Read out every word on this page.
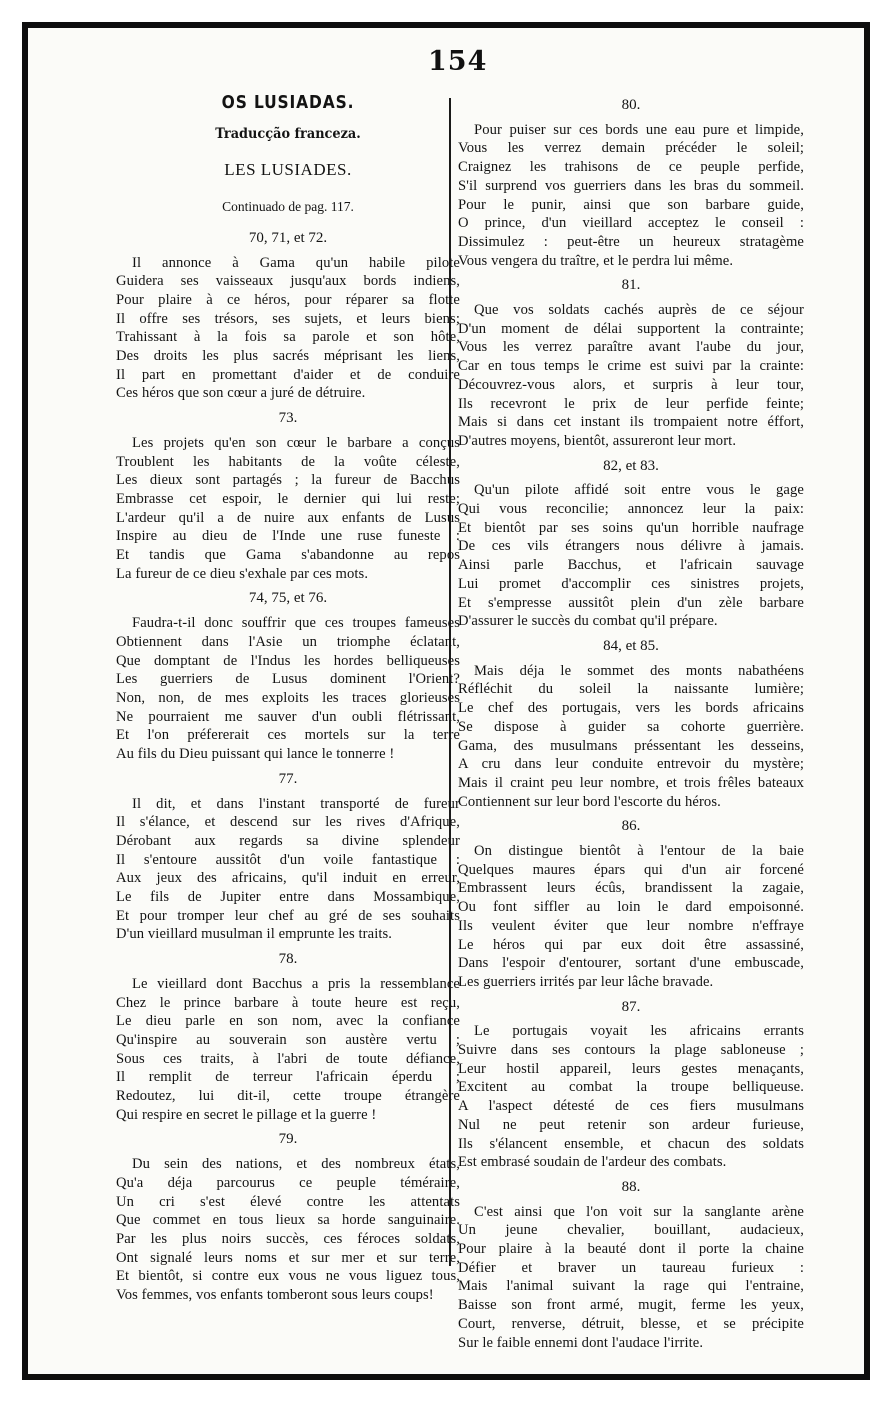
154
OS LUSIADAS.
Traducção franceza.
LES LUSIADES.
Continuado de pag. 117.
70, 71, et 72.
Il annonce à Gama qu'un habile pilote
Guidera ses vaisseaux jusqu'aux bords indiens,
Pour plaire à ce héros, pour réparer sa flotte
Il offre ses trésors, ses sujets, et leurs biens;
Trahissant à la fois sa parole et son hôte,
Des droits les plus sacrés méprisant les liens,
Il part en promettant d'aider et de conduire
Ces héros que son cœur a juré de détruire.
73.
Les projets qu'en son cœur le barbare a conçus
Troublent les habitants de la voûte céleste,
Les dieux sont partagés ; la fureur de Bacchus
Embrasse cet espoir, le dernier qui lui reste;
L'ardeur qu'il a de nuire aux enfants de Lusus
Inspire au dieu de l'Inde une ruse funeste :
Et tandis que Gama s'abandonne au repos
La fureur de ce dieu s'exhale par ces mots.
74, 75, et 76.
Faudra-t-il donc souffrir que ces troupes fameuses
Obtiennent dans l'Asie un triomphe éclatant,
Que domptant de l'Indus les hordes belliqueuses
Les guerriers de Lusus dominent l'Orient?
Non, non, de mes exploits les traces glorieuses
Ne pourraient me sauver d'un oubli flétrissant,
Et l'on préfererait ces mortels sur la terre
Au fils du Dieu puissant qui lance le tonnerre !
77.
Il dit, et dans l'instant transporté de fureur
Il s'élance, et descend sur les rives d'Afrique,
Dérobant aux regards sa divine splendeur
Il s'entoure aussitôt d'un voile fantastique :
Aux jeux des africains, qu'il induit en erreur,
Le fils de Jupiter entre dans Mossambique,
Et pour tromper leur chef au gré de ses souhaits
D'un vieillard musulman il emprunte les traits.
78.
Le vieillard dont Bacchus a pris la ressemblance
Chez le prince barbare à toute heure est reçu,
Le dieu parle en son nom, avec la confiance
Qu'inspire au souverain son austère vertu ;
Sous ces traits, à l'abri de toute défiance,
Il remplit de terreur l'africain éperdu ;
Redoutez, lui dit-il, cette troupe étrangère
Qui respire en secret le pillage et la guerre !
79.
Du sein des nations, et des nombreux états,
Qu'a déja parcourus ce peuple téméraire,
Un cri s'est élevé contre les attentats
Que commet en tous lieux sa horde sanguinaire.
Par les plus noirs succès, ces féroces soldats,
Ont signalé leurs noms et sur mer et sur terre,
Et bientôt, si contre eux vous ne vous liguez tous,
Vos femmes, vos enfants tomberont sous leurs coups!
80.
Pour puiser sur ces bords une eau pure et limpide,
Vous les verrez demain précéder le soleil;
Craignez les trahisons de ce peuple perfide,
S'il surprend vos guerriers dans les bras du sommeil.
Pour le punir, ainsi que son barbare guide,
O prince, d'un vieillard acceptez le conseil :
Dissimulez : peut-être un heureux stratagème
Vous vengera du traître, et le perdra lui même.
81.
Que vos soldats cachés auprès de ce séjour
D'un moment de délai supportent la contrainte;
Vous les verrez paraître avant l'aube du jour,
Car en tous temps le crime est suivi par la crainte:
Découvrez-vous alors, et surpris à leur tour,
Ils recevront le prix de leur perfide feinte;
Mais si dans cet instant ils trompaient notre éffort,
D'autres moyens, bientôt, assureront leur mort.
82, et 83.
Qu'un pilote affidé soit entre vous le gage
Qui vous reconcilie; annoncez leur la paix:
Et bientôt par ses soins qu'un horrible naufrage
De ces vils étrangers nous délivre à jamais.
Ainsi parle Bacchus, et l'africain sauvage
Lui promet d'accomplir ces sinistres projets,
Et s'empresse aussitôt plein d'un zèle barbare
D'assurer le succès du combat qu'il prépare.
84, et 85.
Mais déja le sommet des monts nabathéens
Réfléchit du soleil la naissante lumière;
Le chef des portugais, vers les bords africains
Se dispose à guider sa cohorte guerrière.
Gama, des musulmans préssentant les desseins,
A cru dans leur conduite entrevoir du mystère;
Mais il craint peu leur nombre, et trois frêles bateaux
Contiennent sur leur bord l'escorte du héros.
86.
On distingue bientôt à l'entour de la baie
Quelques maures épars qui d'un air forcené
Embrassent leurs écûs, brandissent la zagaie,
Ou font siffler au loin le dard empoisonné.
Ils veulent éviter que leur nombre n'effraye
Le héros qui par eux doit être assassiné,
Dans l'espoir d'entourer, sortant d'une embuscade,
Les guerriers irrités par leur lâche bravade.
87.
Le portugais voyait les africains errants
Suivre dans ses contours la plage sabloneuse ;
Leur hostil appareil, leurs gestes menaçants,
Excitent au combat la troupe belliqueuse.
A l'aspect détesté de ces fiers musulmans
Nul ne peut retenir son ardeur furieuse,
Ils s'élancent ensemble, et chacun des soldats
Est embrasé soudain de l'ardeur des combats.
88.
C'est ainsi que l'on voit sur la sanglante arène
Un jeune chevalier, bouillant, audacieux,
Pour plaire à la beauté dont il porte la chaine
Défier et braver un taureau furieux :
Mais l'animal suivant la rage qui l'entraine,
Baisse son front armé, mugit, ferme les yeux,
Court, renverse, détruit, blesse, et se précipite
Sur le faible ennemi dont l'audace l'irrite.
